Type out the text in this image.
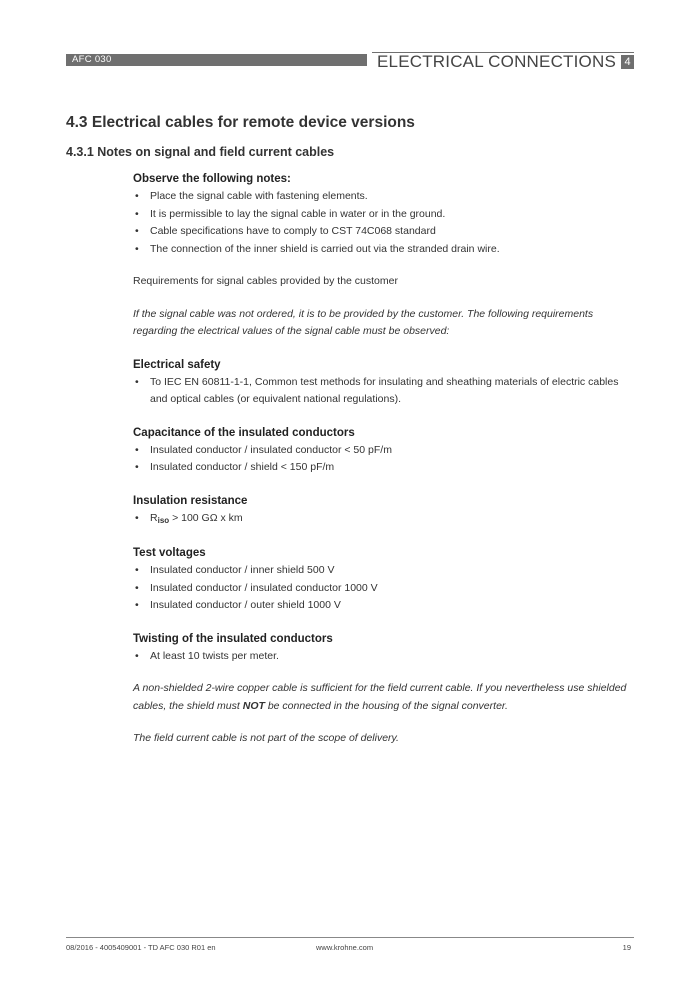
AFC 030	ELECTRICAL CONNECTIONS 4
4.3 Electrical cables for remote device versions
4.3.1 Notes on signal and field current cables

Observe the following notes:

• Place the signal cable with fastening elements.
• It is permissible to lay the signal cable in water or in the ground.
• Cable specifications have to comply to CST 74C068 standard
• The connection of the inner shield is carried out via the stranded drain wire.

Requirements for signal cables provided by the customer

If the signal cable was not ordered, it is to be provided by the customer. The following requirements regarding the electrical values of the signal cable must be observed:

Electrical safety

• To IEC EN 60811-1-1, Common test methods for insulating and sheathing materials of electric cables and optical cables (or equivalent national regulations).

Capacitance of the insulated conductors

• Insulated conductor / insulated conductor < 50 pF/m
• Insulated conductor / shield < 150 pF/m

Insulation resistance

• $R_{iso} > 100$ GΩ x km

Test voltages

• Insulated conductor / inner shield 500 V
• Insulated conductor / insulated conductor 1000 V
• Insulated conductor / outer shield 1000 V

Twisting of the insulated conductors

• At least 10 twists per meter.

A non-shielded 2-wire copper cable is sufficient for the field current cable. If you nevertheless use shielded cables, the shield must NOT be connected in the housing of the signal converter.

The field current cable is not part of the scope of delivery.

08/2016 - 4005409001 - TD AFC 030 R01 en	www.krohne.com	19
